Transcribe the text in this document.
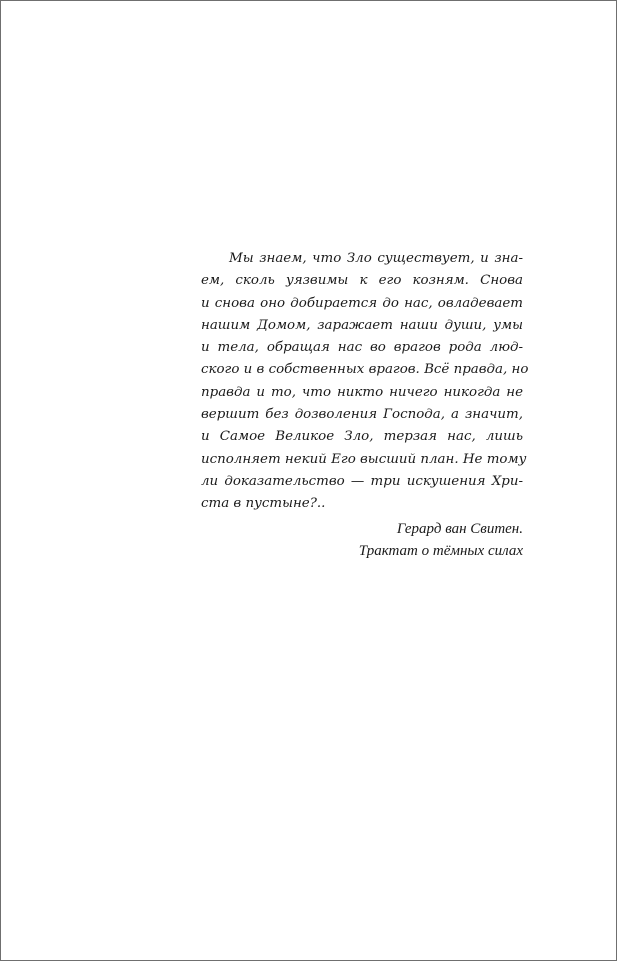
Мы знаем, что Зло существует, и зна-
ем, сколь уязвимы к его козням. Снова
и снова оно добирается до нас, овладевает
нашим Домом, заражает наши души, умы
и тела, обращая нас во врагов рода люд-
ского и в собственных врагов. Всё правда, но
правда и то, что никто ничего никогда не
вершит без дозволения Господа, а значит,
и Самое Великое Зло, терзая нас, лишь
исполняет некий Его высший план. Не тому
ли доказательство — три искушения Хри-
ста в пустыне?..

Герард ван Свитен.
Трактат о тёмных силах
